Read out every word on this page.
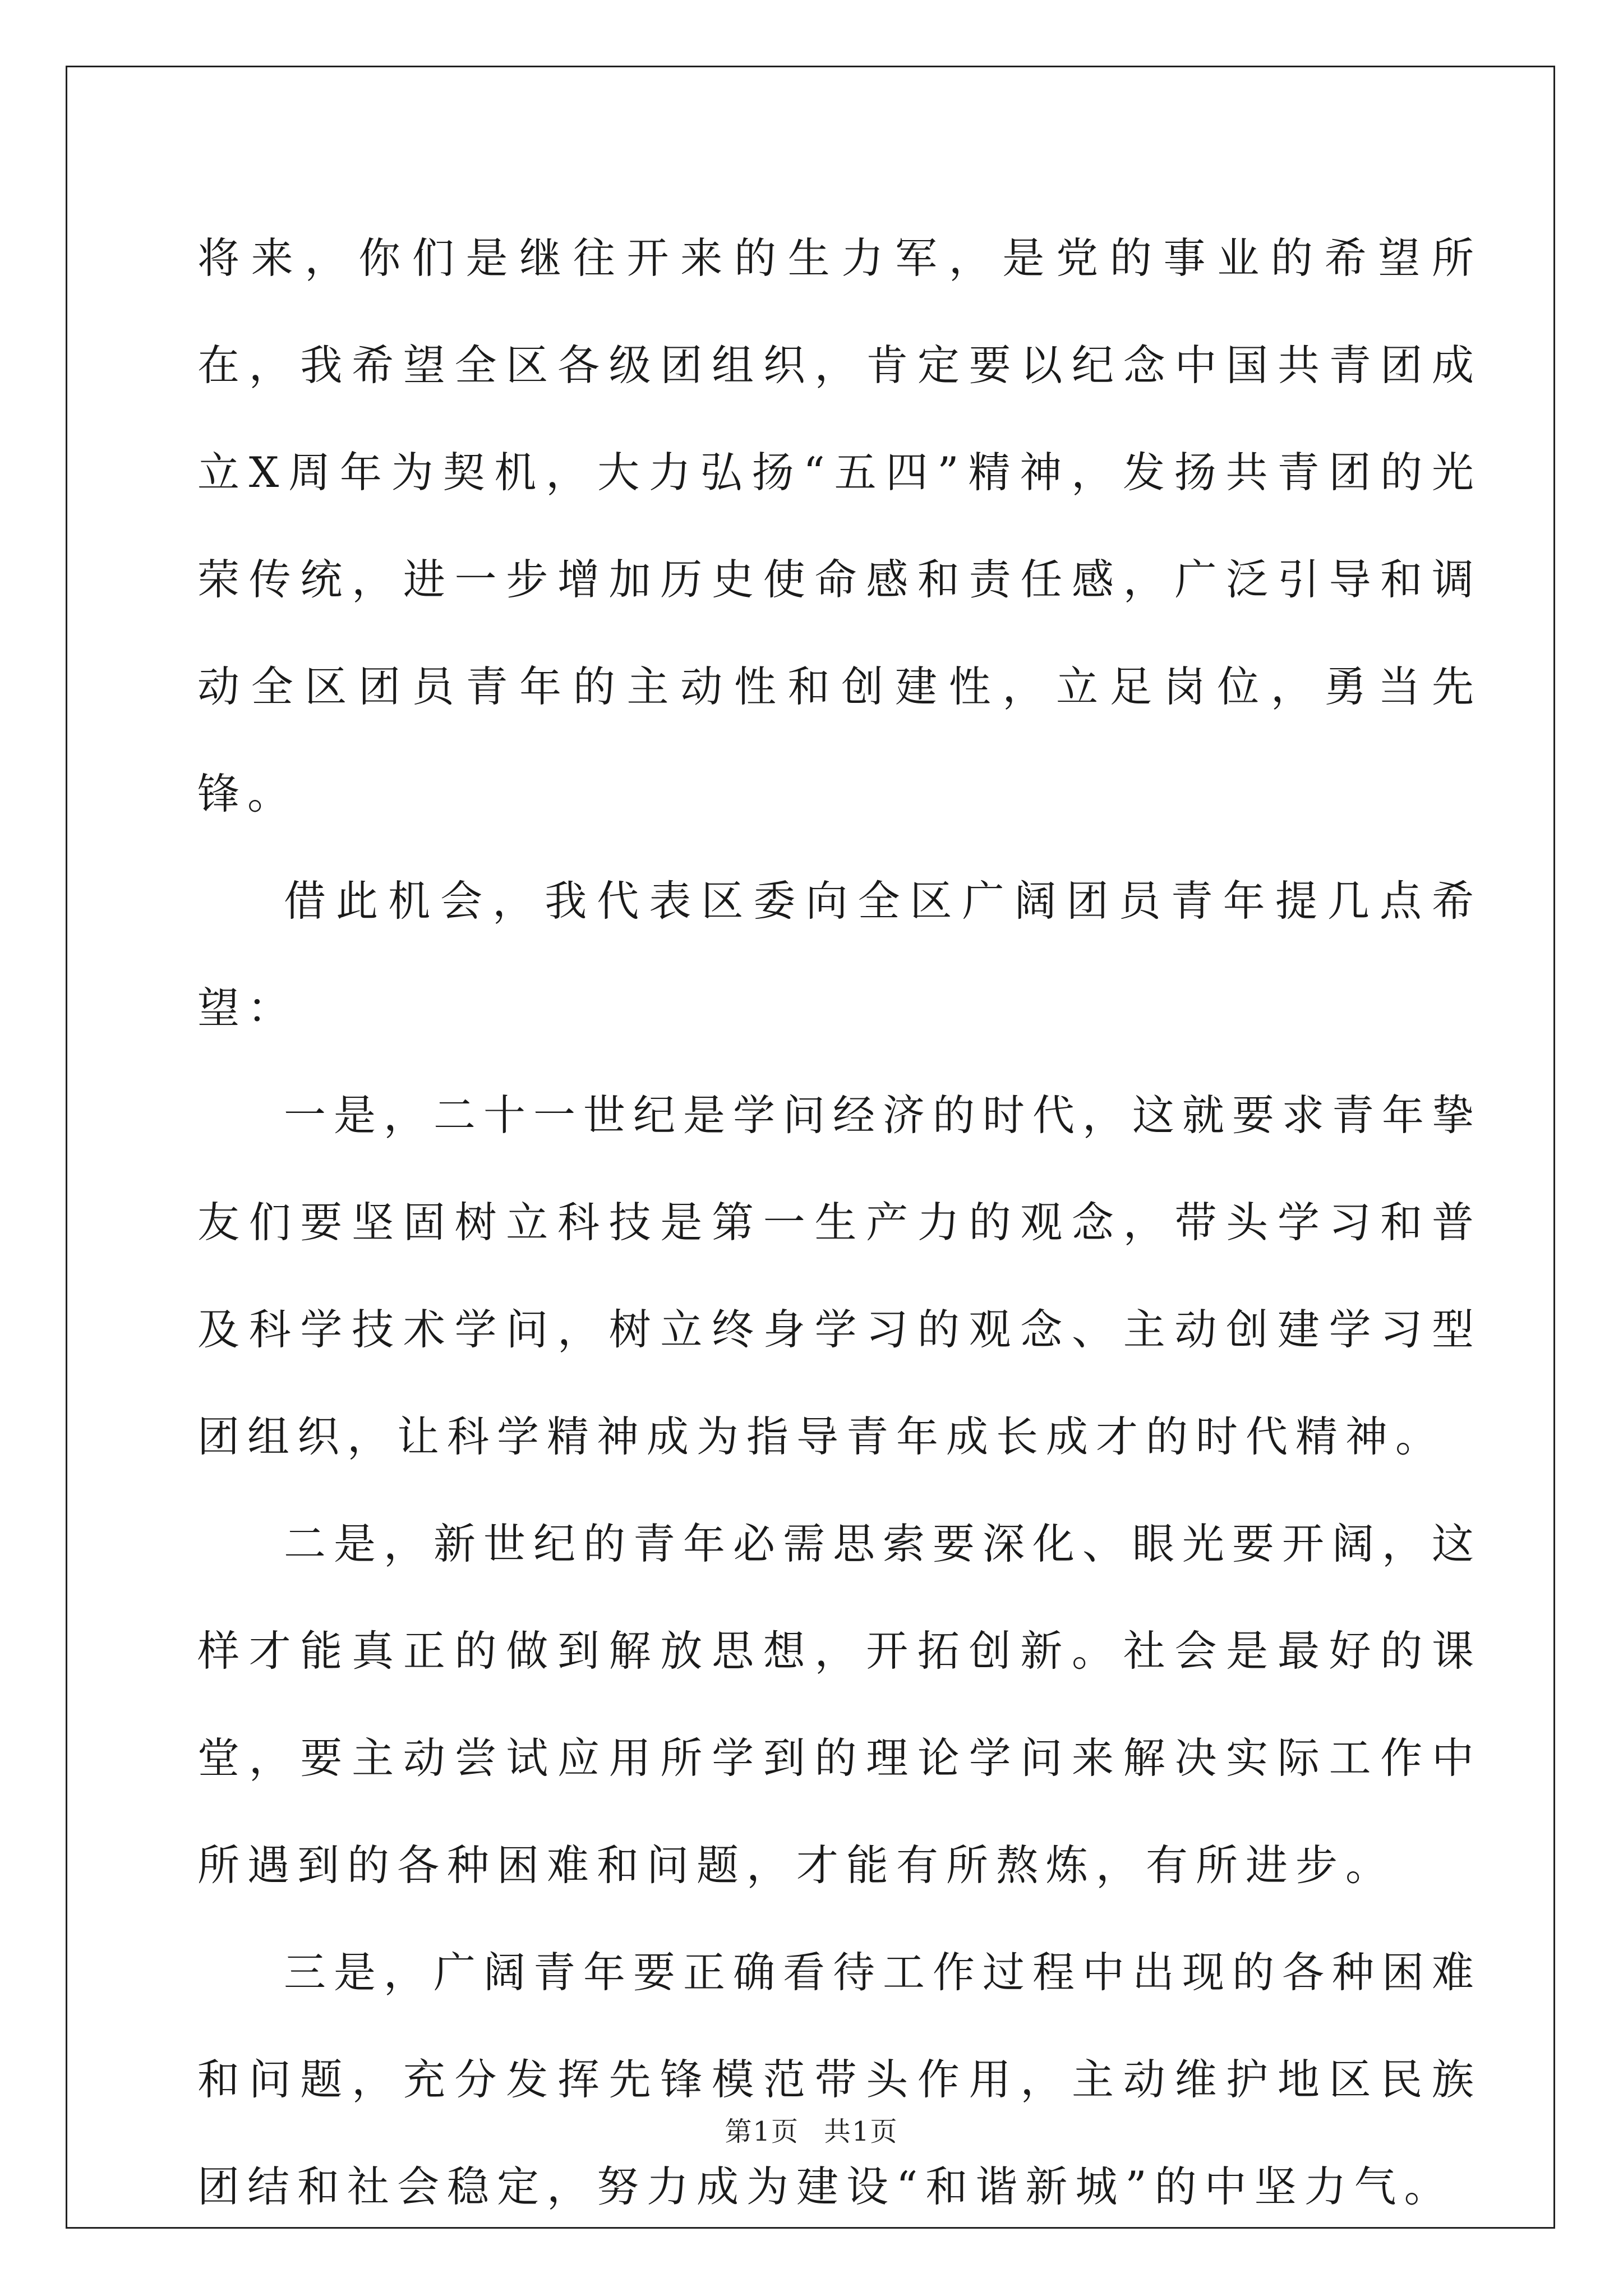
将来，你们是继往开来的生力军，是党的事业的希望所在，我希望全区各级团组织，肯定要以纪念中国共青团成立X周年为契机，大力弘扬“五四”精神，发扬共青团的光荣传统，进一步增加历史使命感和责任感，广泛引导和调动全区团员青年的主动性和创建性，立足岗位，勇当先锋。

借此机会，我代表区委向全区广阔团员青年提几点希望：

一是，二十一世纪是学问经济的时代，这就要求青年挚友们要坚固树立科技是第一生产力的观念，带头学习和普及科学技术学问，树立终身学习的观念、主动创建学习型团组织，让科学精神成为指导青年成长成才的时代精神。

二是，新世纪的青年必需思索要深化、眼光要开阔，这样才能真正的做到解放思想，开拓创新。社会是最好的课堂，要主动尝试应用所学到的理论学问来解决实际工作中所遇到的各种困难和问题，才能有所熬炼，有所进步。

三是，广阔青年要正确看待工作过程中出现的各种困难和问题，充分发挥先锋模范带头作用，主动维护地区民族团结和社会稳定，努力成为建设“和谐新城”的中坚力气。

第1页 共1页
